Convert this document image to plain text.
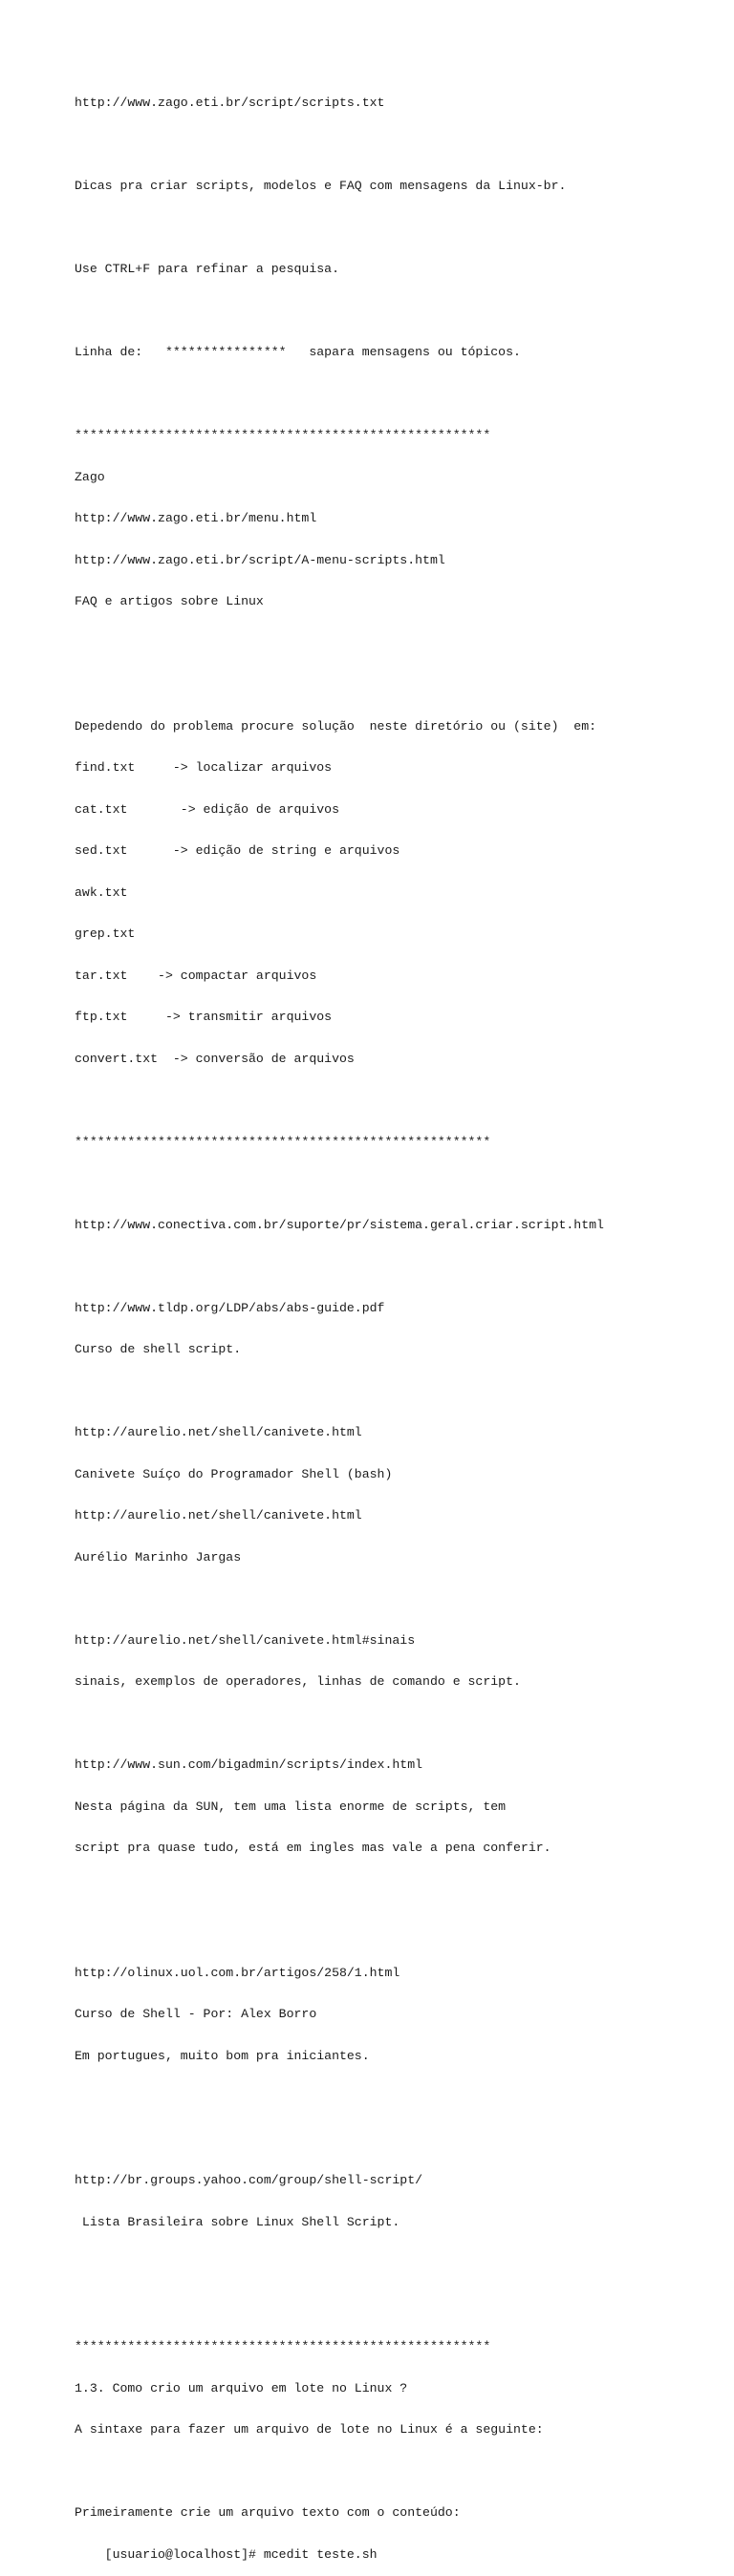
http://www.zago.eti.br/script/scripts.txt

Dicas pra criar scripts, modelos e FAQ com mensagens da Linux-br.

Use CTRL+F para refinar a pesquisa.

Linha de:   ****************   sapara mensagens ou tópicos.

*******************************************************

Zago

http://www.zago.eti.br/menu.html

http://www.zago.eti.br/script/A-menu-scripts.html

FAQ e artigos sobre Linux

Depedendo do problema procure solução  neste diretório ou (site)  em:

find.txt     -> localizar arquivos

cat.txt       -> edição de arquivos

sed.txt      -> edição de string e arquivos

awk.txt

grep.txt

tar.txt    -> compactar arquivos

ftp.txt     -> transmitir arquivos

convert.txt  -> conversão de arquivos

*******************************************************

http://www.conectiva.com.br/suporte/pr/sistema.geral.criar.script.html

http://www.tldp.org/LDP/abs/abs-guide.pdf

Curso de shell script.

http://aurelio.net/shell/canivete.html

Canivete Suíço do Programador Shell (bash)

http://aurelio.net/shell/canivete.html

Aurélio Marinho Jargas

http://aurelio.net/shell/canivete.html#sinais

sinais, exemplos de operadores, linhas de comando e script.

http://www.sun.com/bigadmin/scripts/index.html

Nesta página da SUN, tem uma lista enorme de scripts, tem

script pra quase tudo, está em ingles mas vale a pena conferir.

http://olinux.uol.com.br/artigos/258/1.html

Curso de Shell - Por: Alex Borro

Em portugues, muito bom pra iniciantes.

http://br.groups.yahoo.com/group/shell-script/

Lista Brasileira sobre Linux Shell Script.

*******************************************************

1.3. Como crio um arquivo em lote no Linux ?

A sintaxe para fazer um arquivo de lote no Linux é a seguinte:

Primeiramente crie um arquivo texto com o conteúdo:

[usuario@localhost]# mcedit teste.sh
